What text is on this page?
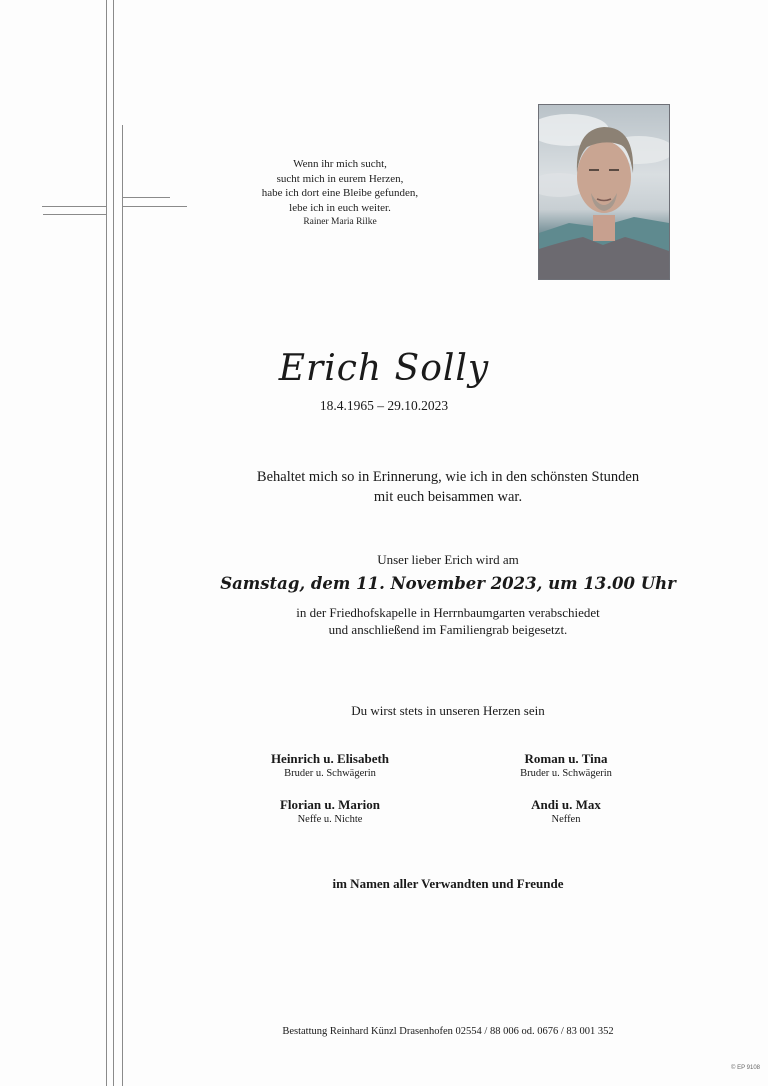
Wenn ihr mich sucht,
sucht mich in eurem Herzen,
habe ich dort eine Bleibe gefunden,
lebe ich in euch weiter.
Rainer Maria Rilke
Erich Solly
18.4.1965 – 29.10.2023
Behaltet mich so in Erinnerung, wie ich in den schönsten Stunden
mit euch beisammen war.
Unser lieber Erich wird am
Samstag, dem 11. November 2023, um 13.00 Uhr
in der Friedhofskapelle in Herrnbaumgarten verabschiedet
und anschließend im Familiengrab beigesetzt.
Du wirst stets in unseren Herzen sein
Heinrich u. Elisabeth
Bruder u. Schwägerin
Roman u. Tina
Bruder u. Schwägerin
Florian u. Marion
Neffe u. Nichte
Andi u. Max
Neffen
im Namen aller Verwandten und Freunde
Bestattung Reinhard Künzl Drasenhofen 02554 / 88 006 od. 0676 / 83 001 352
© EP 9108
